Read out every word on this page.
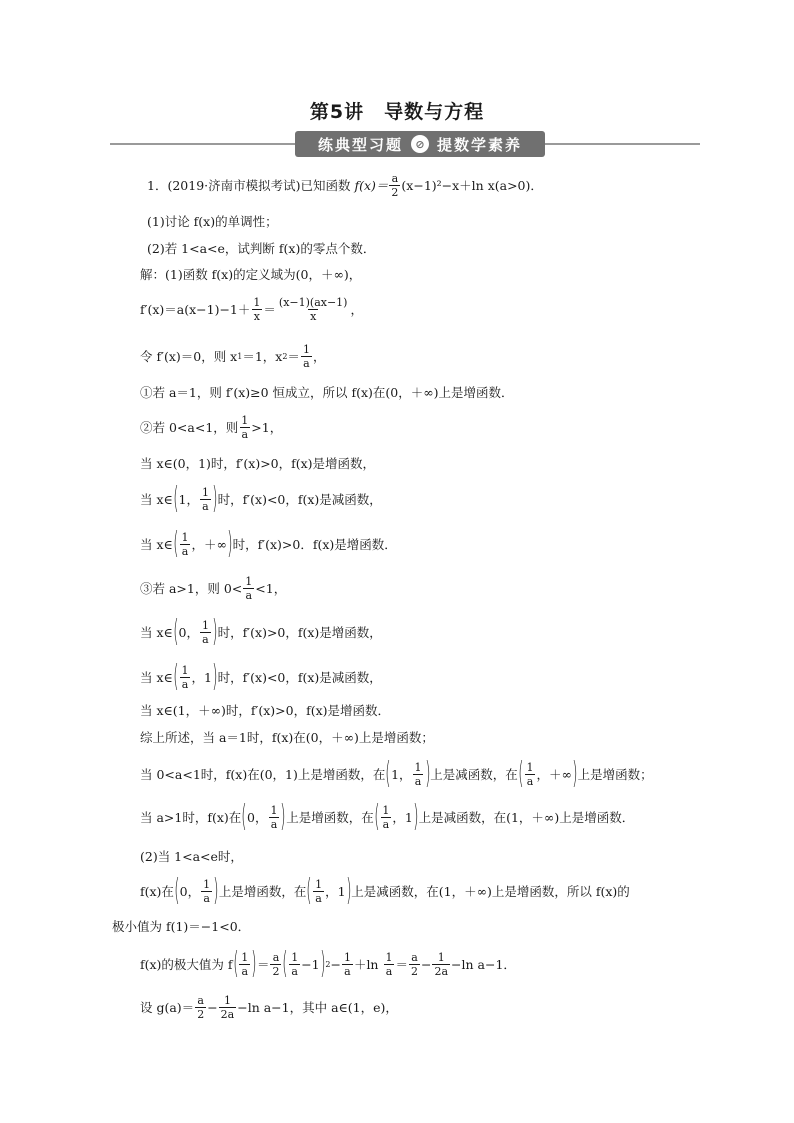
第5讲　导数与方程
练典型习题	⊘ 提数学素养
1．(2019·济南市模拟考试)已知函数
$f(x)= \frac{a}{2} (x-1)^2-x+\ln$ x(a>0)．
(1)讨论 f(x)的单调性；
(2)若 1<a<e，试判断 f(x)的零点个数．
解：(1)函数 f(x)的定义域为(0，＋∞)，
$f'(x)=a(x-1)-1+ \frac{1}{x} = \frac{(x-1)(ax-1)}{x}$ ，
令 f′(x)＝0，则 x 1 ＝1，x $2 = \frac{1}{a}$ ，
①若 a＝1，则 f′(x)≥0 恒成立，所以 f(x)在(0，＋∞)上是增函数．
②若 0<a<1，则 $\frac{1}{a} >1$，
当 x∈(0，1)时，f′(x)>0，f(x)是增函数，
当 x∈ ( 1， $\frac{1}{a}$ ) 时，f′(x)<0，f(x)是减函数，
当 x∈ ( $\frac{1}{a}$ ，＋∞ ) 时，f′(x)>0．f(x)是增函数．
③若 a>1，则 $0< \frac{1}{a} <1$，
当 x∈ ( 0， $\frac{1}{a}$ ) 时，f′(x)>0，f(x)是增函数，
当 x∈ ( $\frac{1}{a}$ ，1 ) 时，f′(x)<0，f(x)是减函数，
当 x∈(1，＋∞)时，f′(x)>0，f(x)是增函数．
综上所述，当 a＝1时，f(x)在(0，＋∞)上是增函数；
当 0<a<1时，f(x)在(0，1)上是增函数，在 ( 1， $\frac{1}{a}$ ) 上是减函数，在 ( $\frac{1}{a}$ ，＋∞ ) 上是增函数；
当 a>1时，f(x)在 ( 0， $\frac{1}{a}$ ) 上是增函数，在 ( $\frac{1}{a}$ ，1 ) 上是减函数，在(1，＋∞)上是增函数．
(2)当 1<a<e时，
f(x)在 ( 0， $\frac{1}{a}$ ) 上是增函数，在 ( $\frac{1}{a}$ ，1 ) 上是减函数，在(1，＋∞)上是增函数，所以 f(x)的
极小值为 f(1)＝−1<0．
f(x)的极大值为 f ( $\frac{1}{a}$ ) ＝ $\frac{a}{2}$ ( $\frac{1}{a} -1$ ) $2 - \frac{1}{a} +\ln$
$\frac{1}{a} = \frac{a}{2} - \frac{1}{2a} -\ln$ a−1．
设 $g(a)= \frac{a}{2} - \frac{1}{2a} -\ln$ a−1，其中 a∈(1，e)，
